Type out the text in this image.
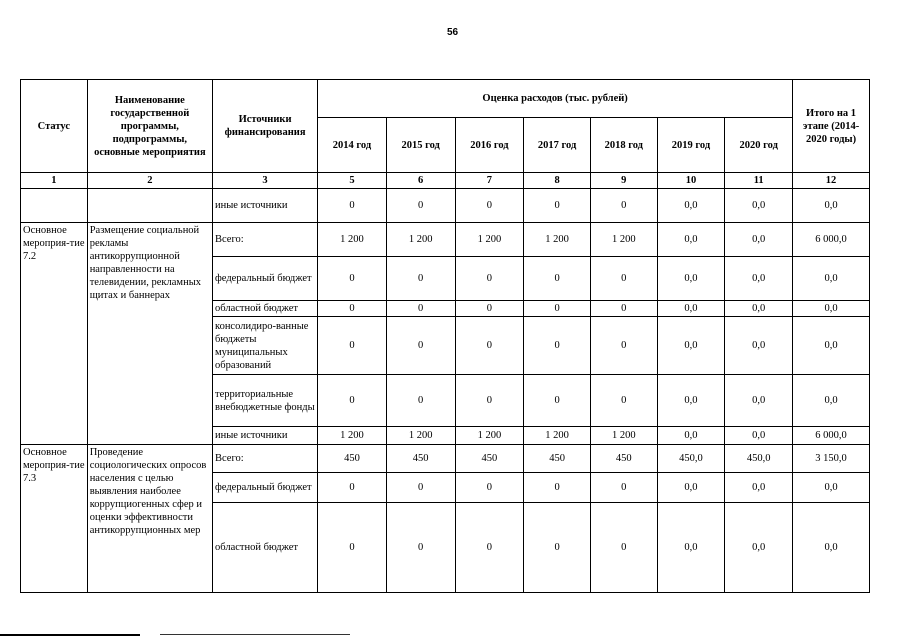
56
Статус	Наименование государственной программы, подпрограммы, основные мероприятия	Источники финансирования	Оценка расходов (тыс. рублей)							Итого на 1 этапе (2014-2020 годы)
			2014 год	2015 год	2016 год	2017 год	2018 год	2019 год	2020 год	
1	2	3	5	6	7	8	9	10	11	12
		иные источники	0	0	0	0	0	0,0	0,0	0,0
Основное мероприя-тие 7.2	Размещение социальной рекламы антикоррупционной направленности на телевидении, рекламных щитах и баннерах	Всего:	1 200	1 200	1 200	1 200	1 200	0,0	0,0	6 000,0
		федеральный бюджет	0	0	0	0	0	0,0	0,0	0,0
		областной бюджет	0	0	0	0	0	0,0	0,0	0,0
		консолидиро-ванные бюджеты муниципальных образований	0	0	0	0	0	0,0	0,0	0,0
		территориальные внебюджетные фонды	0	0	0	0	0	0,0	0,0	0,0
		иные источники	1 200	1 200	1 200	1 200	1 200	0,0	0,0	6 000,0
Основное мероприя-тие 7.3	Проведение социологических опросов населения с целью выявления наиболее коррупциогенных сфер и оценки эффективности антикоррупционных мер	Всего:	450	450	450	450	450	450,0	450,0	3 150,0
		федеральный бюджет	0	0	0	0	0	0,0	0,0	0,0
		областной бюджет	0	0	0	0	0	0,0	0,0	0,0
